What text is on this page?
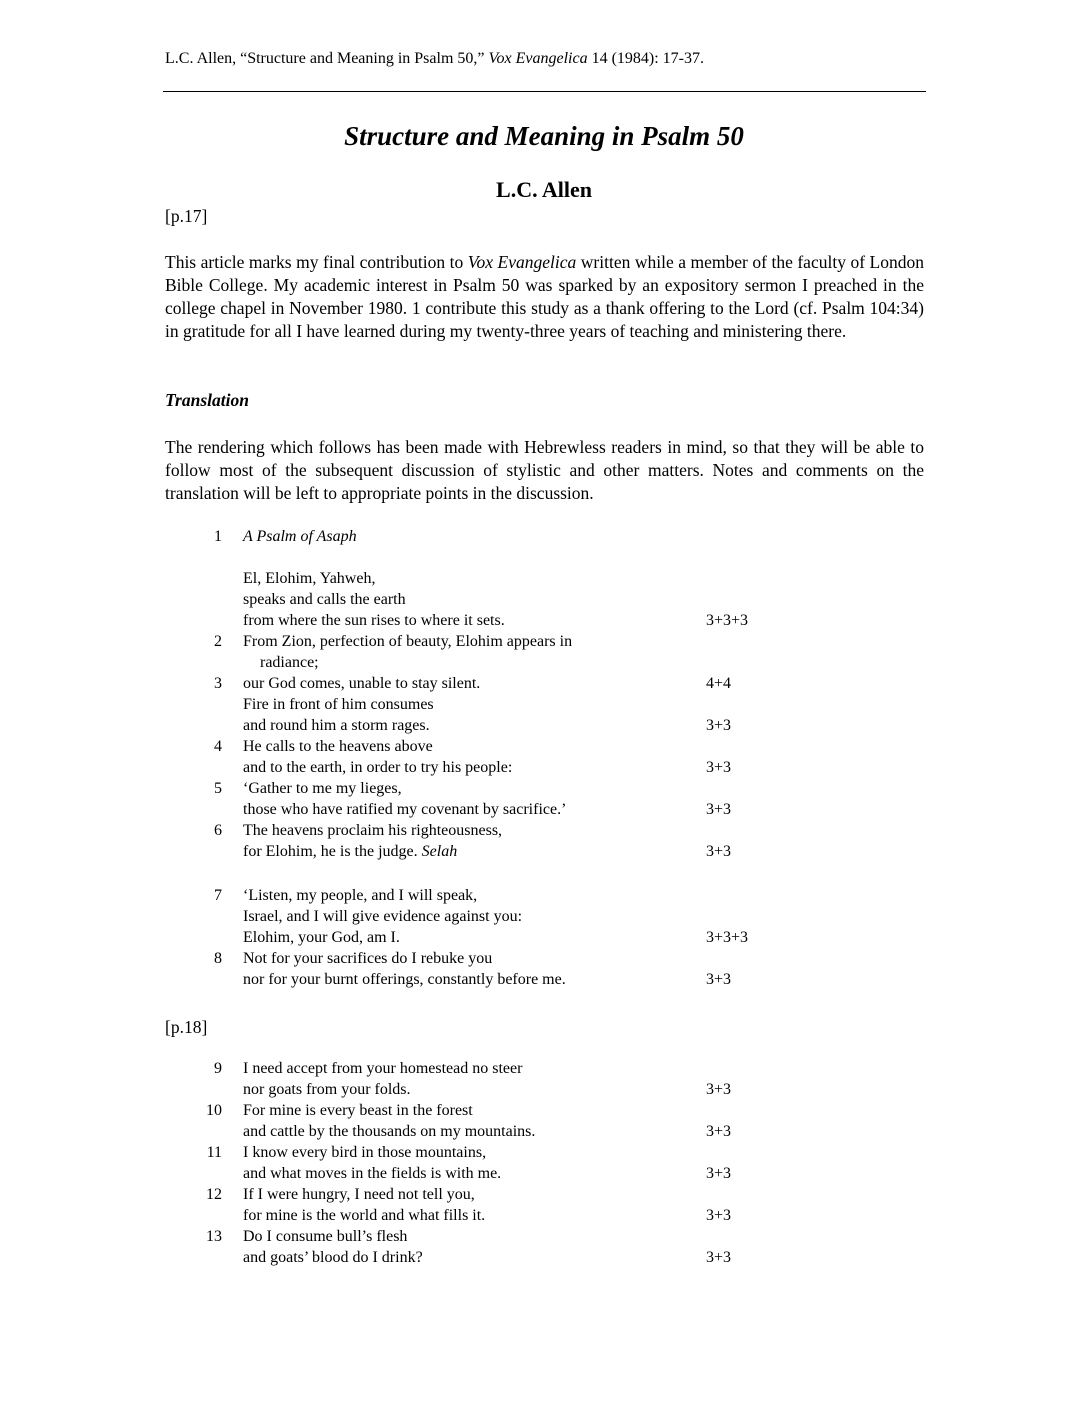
L.C. Allen, “Structure and Meaning in Psalm 50,” Vox Evangelica 14 (1984): 17-37.
Structure and Meaning in Psalm 50
L.C. Allen
[p.17]
This article marks my final contribution to Vox Evangelica written while a member of the faculty of London Bible College. My academic interest in Psalm 50 was sparked by an expository sermon I preached in the college chapel in November 1980. 1 contribute this study as a thank offering to the Lord (cf. Psalm 104:34) in gratitude for all I have learned during my twenty-three years of teaching and ministering there.
Translation
The rendering which follows has been made with Hebrewless readers in mind, so that they will be able to follow most of the subsequent discussion of stylistic and other matters. Notes and comments on the translation will be left to appropriate points in the discussion.
1 A Psalm of Asaph
El, Elohim, Yahweh,
speaks and calls the earth
from where the sun rises to where it sets.	3+3+3
2 From Zion, perfection of beauty, Elohim appears in
radiance;
3 our God comes, unable to stay silent.	4+4
Fire in front of him consumes
and round him a storm rages.	3+3
4 He calls to the heavens above
and to the earth, in order to try his people:	3+3
5 ‘Gather to me my lieges,
those who have ratified my covenant by sacrifice.’	3+3
6 The heavens proclaim his righteousness,
for Elohim, he is the judge. Selah	3+3
7 ‘Listen, my people, and I will speak,
Israel, and I will give evidence against you:
Elohim, your God, am I.	3+3+3
8 Not for your sacrifices do I rebuke you
nor for your burnt offerings, constantly before me.	3+3
9 I need accept from your homestead no steer
nor goats from your folds.	3+3
10 For mine is every beast in the forest
and cattle by the thousands on my mountains.	3+3
11 I know every bird in those mountains,
and what moves in the fields is with me.	3+3
12 If I were hungry, I need not tell you,
for mine is the world and what fills it.	3+3
13 Do I consume bull’s flesh
and goats’ blood do I drink?	3+3
[p.18]
